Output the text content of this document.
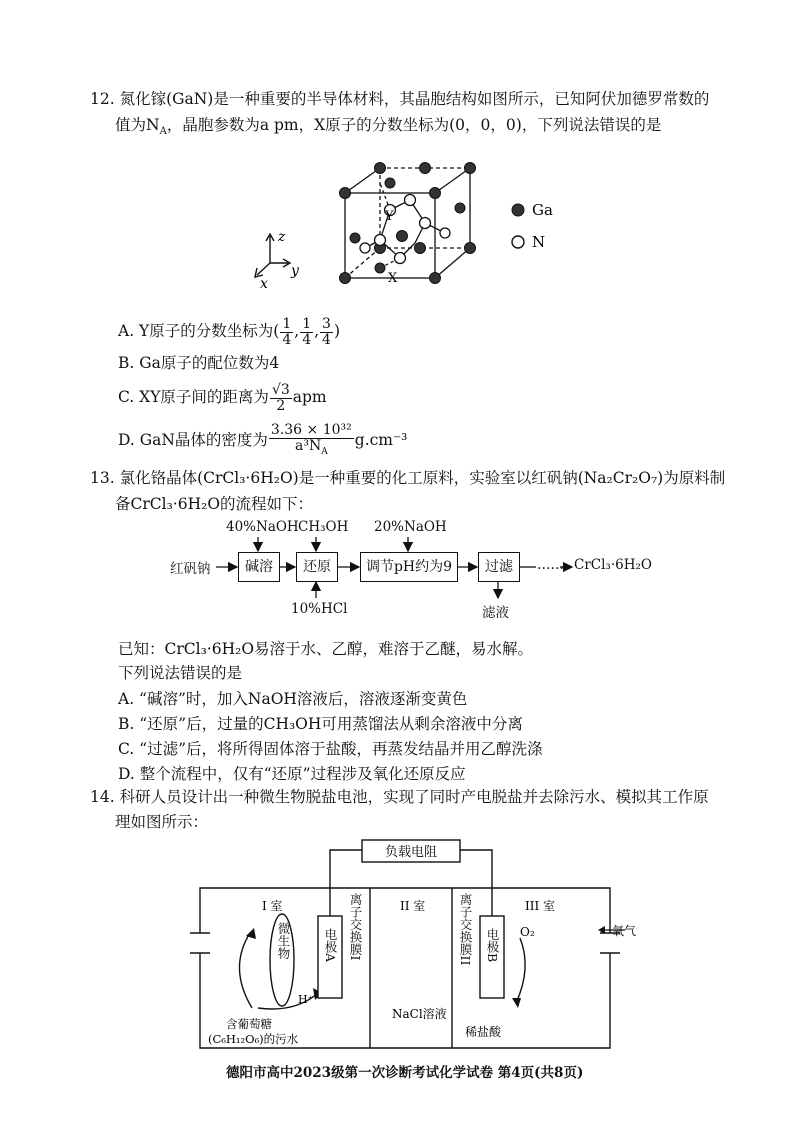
12. 氮化镓(GaN)是一种重要的半导体材料，其晶胞结构如图所示，已知阿伏加德罗常数的
值为$N_A$，晶胞参数为a pm，X原子的分数坐标为(0，0，0)，下列说法错误的是
Y
X
z
y
x
Ga
N
A. Y原子的分数坐标为( $\frac{1}{4}$ , $\frac{1}{4}$ , $\frac{3}{4}$ )
B. Ga原子的配位数为4
C. XY原子间的距离为 $\frac{√3}{2}$ apm
D. GaN晶体的密度为 $\frac{\text{3.36 × 10³²}}{a^3N_A} g.cm^{-3}$
13. 氯化铬晶体(CrCl₃·6H₂O)是一种重要的化工原料，实验室以红矾钠(Na₂Cr₂O₇)为原料制
备CrCl₃·6H₂O的流程如下：
红矾钠	碱溶	还原	调节pH约为9	过滤
40%NaOH CH₃OH 20%NaOH
10%HCl	滤液
…… CrCl₃·6H₂O
已知：CrCl₃·6H₂O易溶于水、乙醇，难溶于乙醚，易水解。
下列说法错误的是
A. “碱溶”时，加入NaOH溶液后，溶液逐渐变黄色
B. “还原”后，过量的CH₃OH可用蒸馏法从剩余溶液中分离
C. “过滤”后，将所得固体溶于盐酸，再蒸发结晶并用乙醇洗涤
D. 整个流程中，仅有“还原”过程涉及氧化还原反应
14. 科研人员设计出一种微生物脱盐电池，实现了同时产电脱盐并去除污水、模拟其工作原
理如图所示：
负载电阻
I 室	II 室	III 室
氧气
O₂
NaCl溶液
稀盐酸
H⁺
含葡萄糖
(C₆H₁₂O₆)的污水
微生物	电极A	电极B
离子交换膜I	离子交换膜II
德阳市高中2023级第一次诊断考试化学试卷 第4页(共8页)
